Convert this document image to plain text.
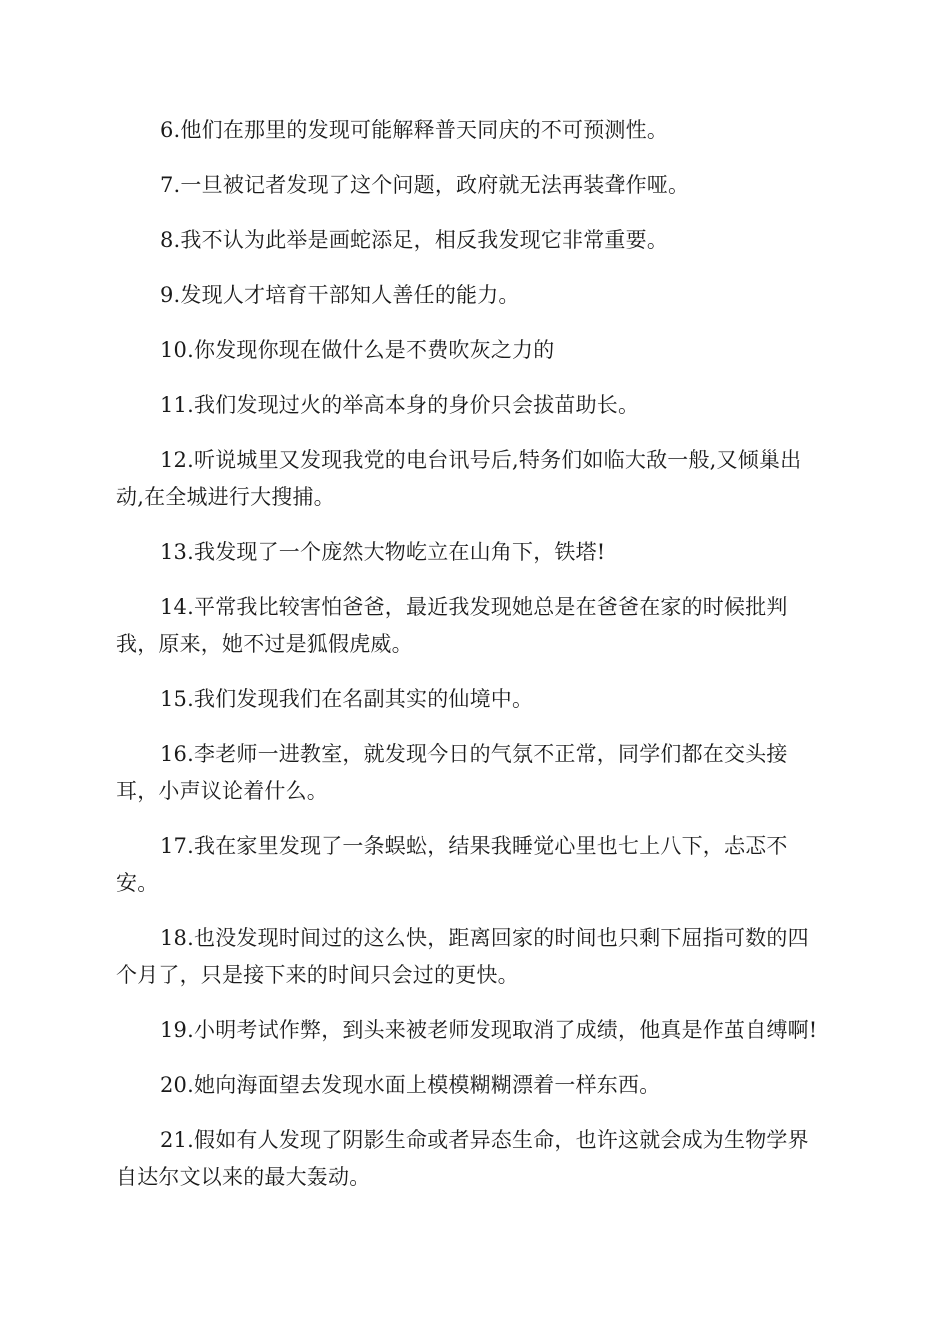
6.他们在那里的发现可能解释普天同庆的不可预测性。

7.一旦被记者发现了这个问题，政府就无法再装聋作哑。

8.我不认为此举是画蛇添足，相反我发现它非常重要。

9.发现人才培育干部知人善任的能力。

10.你发现你现在做什么是不费吹灰之力的

11.我们发现过火的举高本身的身价只会拔苗助长。

12.听说城里又发现我党的电台讯号后,特务们如临大敌一般,又倾巢出动,在全城进行大搜捕。

13.我发现了一个庞然大物屹立在山角下，铁塔!

14.平常我比较害怕爸爸，最近我发现她总是在爸爸在家的时候批判我，原来，她不过是狐假虎威。

15.我们发现我们在名副其实的仙境中。

16.李老师一进教室，就发现今日的气氛不正常，同学们都在交头接耳，小声议论着什么。

17.我在家里发现了一条蜈蚣，结果我睡觉心里也七上八下，忐忑不安。

18.也没发现时间过的这么快，距离回家的时间也只剩下屈指可数的四个月了，只是接下来的时间只会过的更快。

19.小明考试作弊，到头来被老师发现取消了成绩，他真是作茧自缚啊!

20.她向海面望去发现水面上模模糊糊漂着一样东西。

21.假如有人发现了阴影生命或者异态生命，也许这就会成为生物学界自达尔文以来的最大轰动。
